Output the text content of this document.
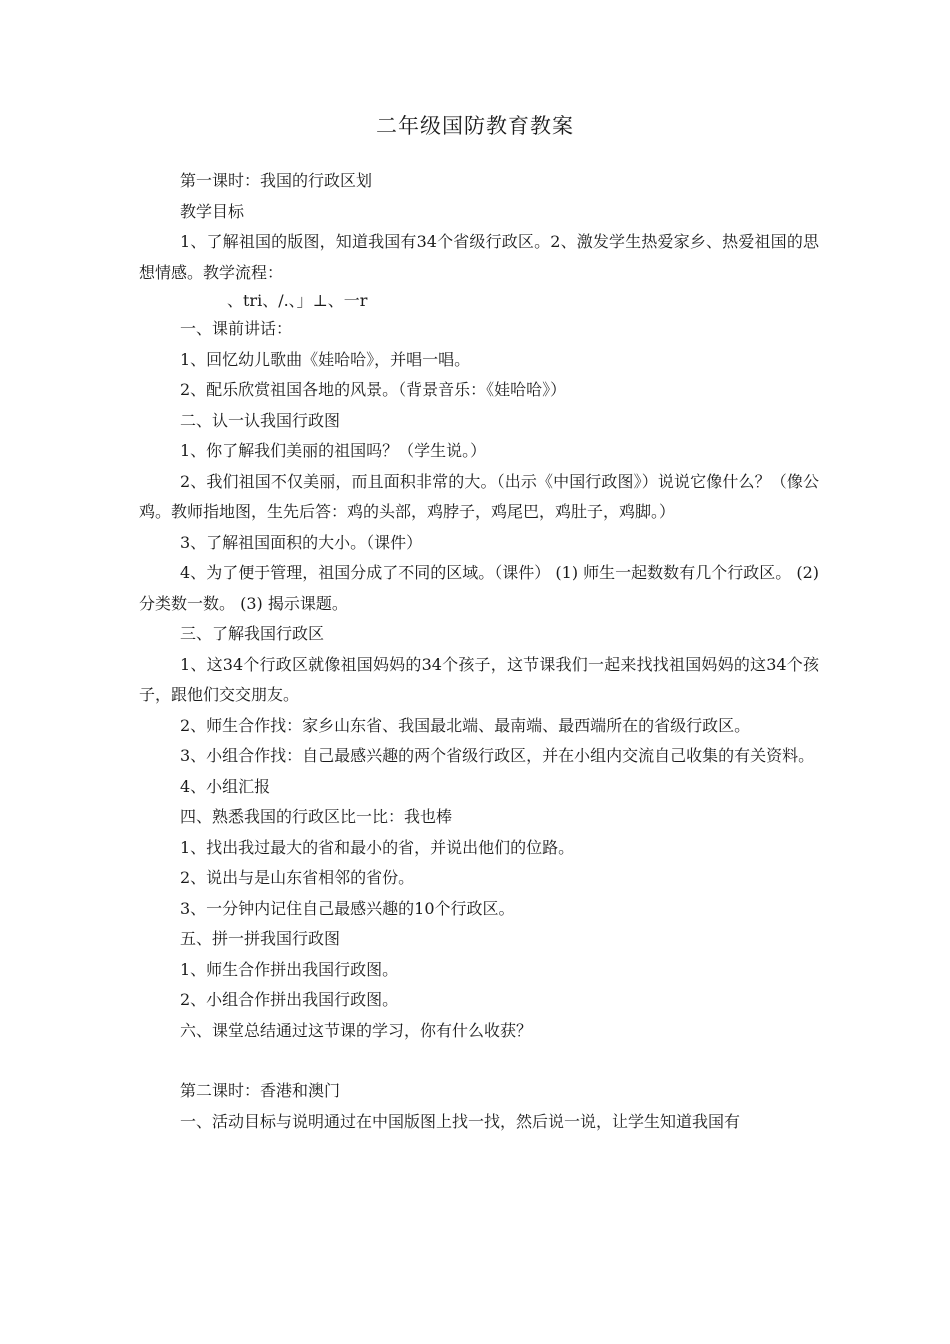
二年级国防教育教案

第一课时：我国的行政区划

教学目标

1、了解祖国的版图，知道我国有34个省级行政区。2、激发学生热爱家乡、热爱祖国的思想情感。教学流程：

、tri、/.、」⊥、一r

一、课前讲话：

1、回忆幼儿歌曲《娃哈哈》，并唱一唱。

2、配乐欣赏祖国各地的风景。（背景音乐：《娃哈哈》）

二、认一认我国行政图

1、你了解我们美丽的祖国吗？（学生说。）

2、我们祖国不仅美丽，而且面积非常的大。（出示《中国行政图》）说说它像什么？（像公鸡。教师指地图，生先后答：鸡的头部，鸡脖子，鸡尾巴，鸡肚子，鸡脚。）

3、了解祖国面积的大小。（课件）

4、为了便于管理，祖国分成了不同的区域。（课件） (1) 师生一起数数有几个行政区。 (2) 分类数一数。 (3) 揭示课题。

三、了解我国行政区

1、这34个行政区就像祖国妈妈的34个孩子，这节课我们一起来找找祖国妈妈的这34个孩子，跟他们交交朋友。

2、师生合作找：家乡山东省、我国最北端、最南端、最西端所在的省级行政区。

3、小组合作找：自己最感兴趣的两个省级行政区，并在小组内交流自己收集的有关资料。

4、小组汇报

四、熟悉我国的行政区比一比：我也棒

1、找出我过最大的省和最小的省，并说出他们的位路。

2、说出与是山东省相邻的省份。

3、一分钟内记住自己最感兴趣的10个行政区。

五、拼一拼我国行政图

1、师生合作拼出我国行政图。

2、小组合作拼出我国行政图。

六、课堂总结通过这节课的学习，你有什么收获？

第二课时：香港和澳门

一、活动目标与说明通过在中国版图上找一找，然后说一说，让学生知道我国有
